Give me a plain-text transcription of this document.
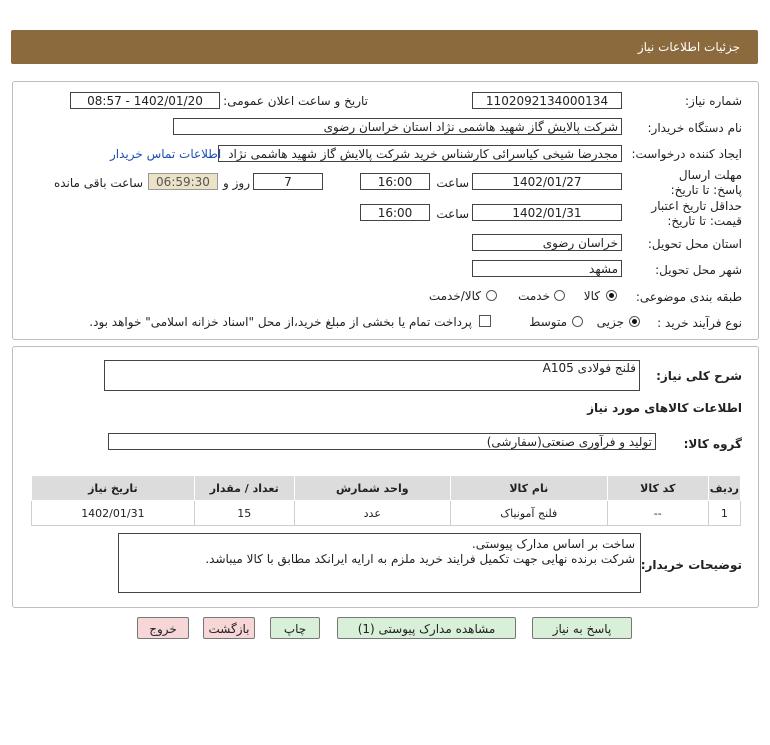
جزئیات اطلاعات نیاز
شماره نیاز:
1102092134000134
تاریخ و ساعت اعلان عمومی:
1402/01/20 - 08:57
نام دستگاه خریدار:
شرکت پالایش گاز شهید هاشمی نژاد استان خراسان رضوی
ایجاد کننده درخواست:
مجدرضا شیخی کیاسرائی کارشناس خرید شرکت پالایش گاز شهید هاشمی نژاد
اطلاعات تماس خریدار
مهلت ارسال پاسخ: تا تاریخ:
1402/01/27
ساعت
16:00
7
روز و
06:59:30
ساعت باقی مانده
حداقل تاریخ اعتبار قیمت: تا تاریخ:
1402/01/31
ساعت
16:00
استان محل تحویل:
خراسان رضوی
شهر محل تحویل:
مشهد
طبقه بندی موضوعی:
کالا
خدمت
کالا/خدمت
نوع فرآیند خرید :
جزیی
متوسط
پرداخت تمام یا بخشی از مبلغ خرید،از محل "اسناد خزانه اسلامی" خواهد بود.
شرح کلی نیاز:
فلنج فولادی A105
اطلاعات کالاهای مورد نیاز
گروه کالا:
تولید و فرآوری صنعتی(سفارشی)
ردیف	کد کالا	نام کالا	واحد شمارش	تعداد / مقدار	تاریخ نیاز
1	--	فلنج آمونیاک	عدد	15	1402/01/31
توضیحات خریدار:
ساخت بر اساس مدارک پیوستی.
شرکت برنده نهایی جهت تکمیل فرایند خرید ملزم به ارایه ایرانکد مطابق با کالا میباشد.
پاسخ به نیاز
مشاهده مدارک پیوستی (1)
چاپ
بازگشت
خروج
